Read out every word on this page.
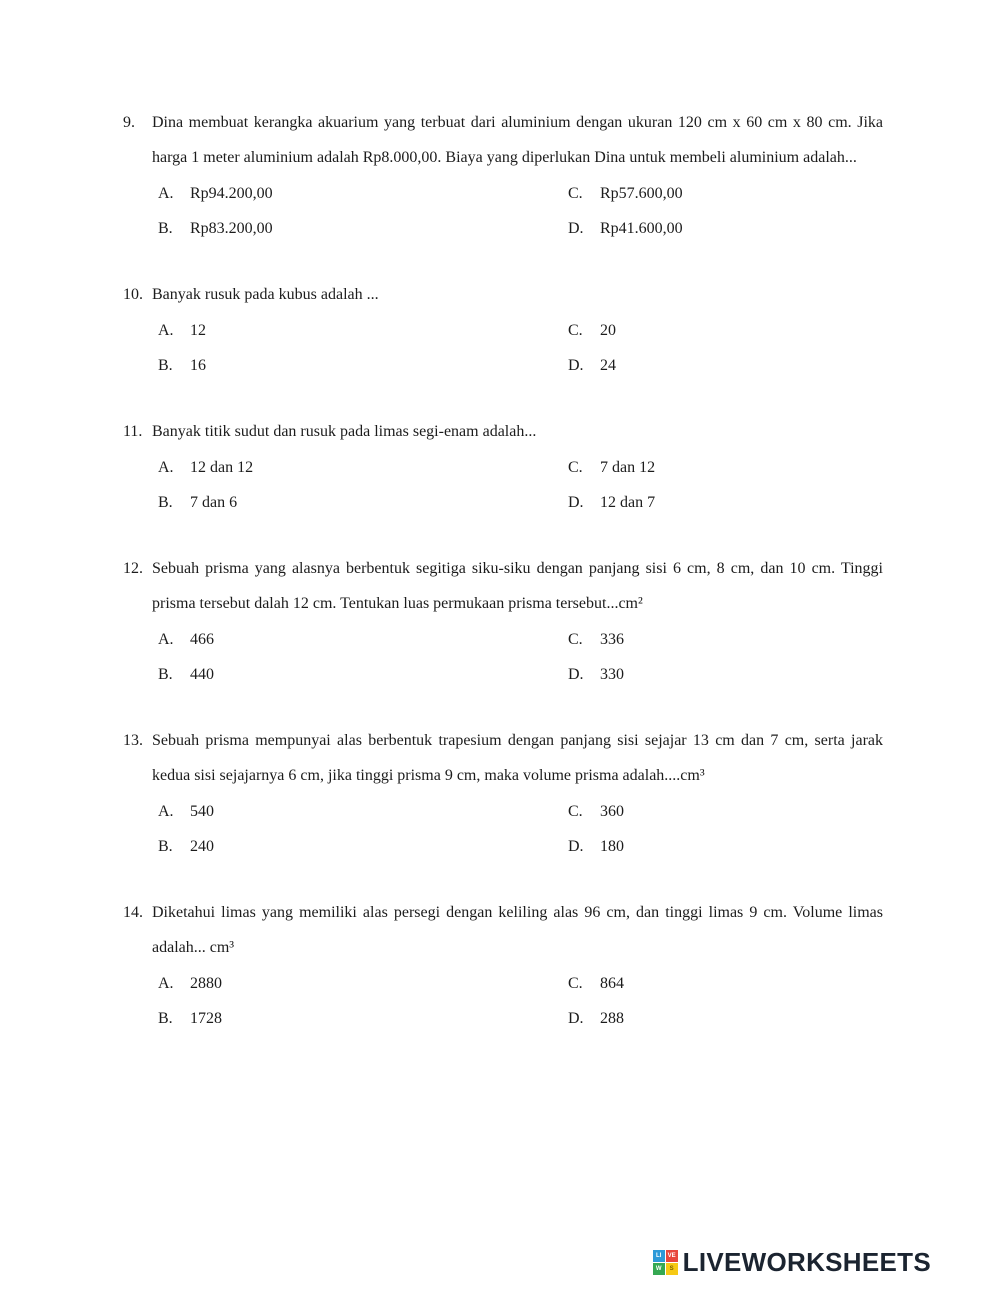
9.	Dina membuat kerangka akuarium yang terbuat dari aluminium dengan ukuran 120 cm x 60 cm x 80 cm. Jika harga 1 meter aluminium adalah Rp8.000,00. Biaya yang diperlukan Dina untuk membeli aluminium adalah...
A.	Rp94.200,00	C.	Rp57.600,00
B.	Rp83.200,00	D.	Rp41.600,00
10. Banyak rusuk pada kubus adalah ...
A.	12	C.	20
B.	16	D.	24
11. Banyak titik sudut dan rusuk pada limas segi-enam adalah...
A.	12 dan 12	C.	7 dan 12
B.	7 dan 6	D.	12 dan 7
12. Sebuah prisma yang alasnya berbentuk segitiga siku-siku dengan panjang sisi 6 cm, 8 cm, dan 10 cm. Tinggi prisma tersebut dalah 12 cm. Tentukan luas permukaan prisma tersebut...cm²
A.	466	C.	336
B.	440	D.	330
13. Sebuah prisma mempunyai alas berbentuk trapesium dengan panjang sisi sejajar 13 cm dan 7 cm, serta jarak kedua sisi sejajarnya 6 cm, jika tinggi prisma 9 cm, maka volume prisma adalah....cm³
A.	540	C.	360
B.	240	D.	180
14. Diketahui limas yang memiliki alas persegi dengan keliling alas 96 cm, dan tinggi limas 9 cm. Volume limas adalah... cm³
A.	2880	C.	864
B.	1728	D.	288
LI	VE
W	S LIVEWORKSHEETS
